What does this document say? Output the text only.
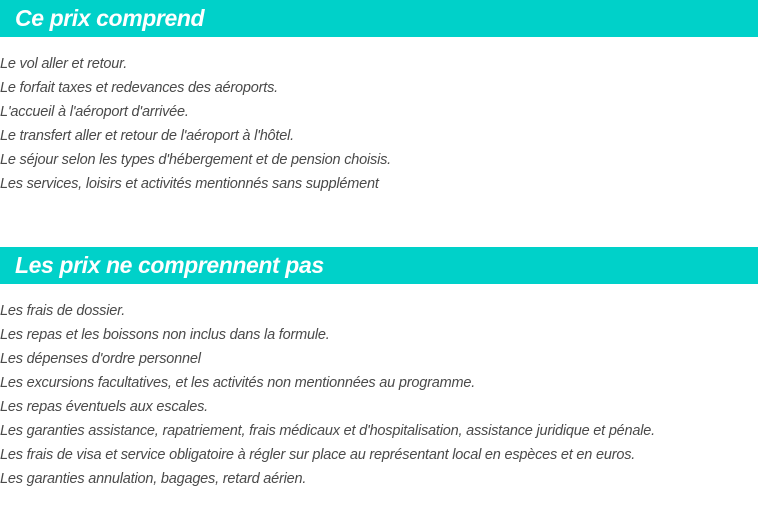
Ce prix comprend
Le vol aller et retour.
Le forfait taxes et redevances des aéroports.
L'accueil à l'aéroport d'arrivée.
Le transfert aller et retour de l'aéroport à l'hôtel.
Le séjour selon les types d'hébergement et de pension choisis.
Les services, loisirs et activités mentionnés sans supplément
Les prix ne comprennent pas
Les frais de dossier.
Les repas et les boissons non inclus dans la formule.
Les dépenses d'ordre personnel
Les excursions facultatives, et les activités non mentionnées au programme.
Les repas éventuels aux escales.
Les garanties assistance, rapatriement, frais médicaux et d'hospitalisation, assistance juridique et pénale.
Les frais de visa et service obligatoire à régler sur place au représentant local en espèces et en euros.
Les garanties annulation, bagages, retard aérien.
